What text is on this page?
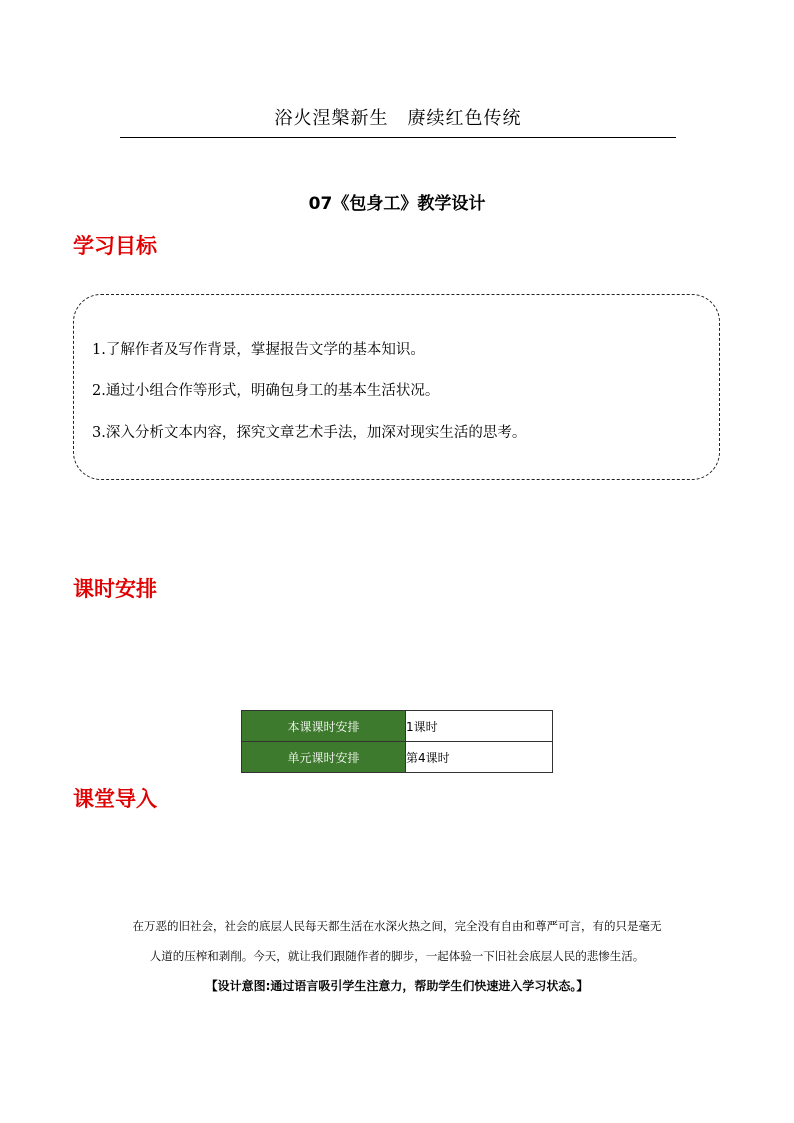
浴火涅槃新生　赓续红色传统
07《包身工》教学设计
学习目标
1.了解作者及写作背景，掌握报告文学的基本知识。
2.通过小组合作等形式，明确包身工的基本生活状况。
3.深入分析文本内容，探究文章艺术手法，加深对现实生活的思考。
课时安排
本课课时安排	1课时
单元课时安排	第4课时
课堂导入
在万恶的旧社会，社会的底层人民每天都生活在水深火热之间，完全没有自由和尊严可言，有的只是毫无
人道的压榨和剥削。今天，就让我们跟随作者的脚步，一起体验一下旧社会底层人民的悲惨生活。
【设计意图:通过语言吸引学生注意力，帮助学生们快速进入学习状态。】
